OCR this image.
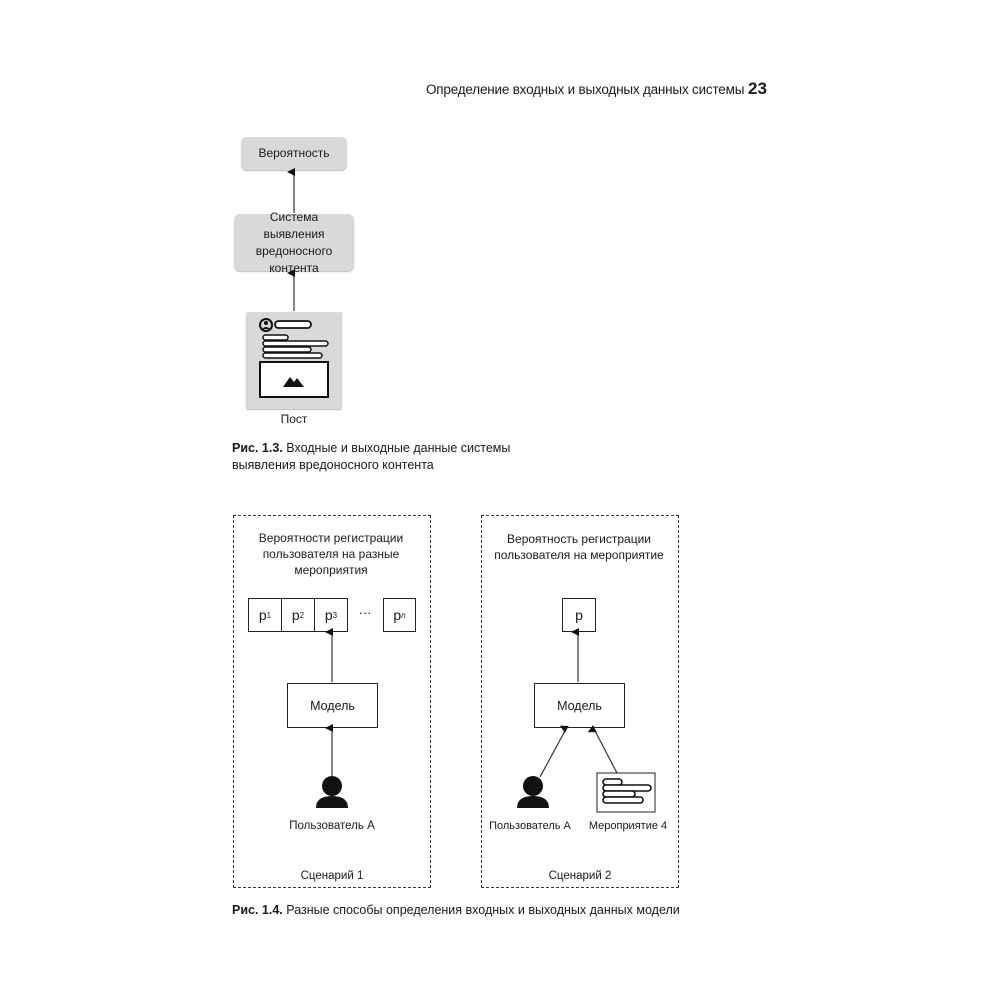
Определение входных и выходных данных системы 23
Вероятность
Система выявления вредоносного контента
Пост
Рис. 1.3. Входные и выходные данные системы выявления вредоносного контента
Вероятности регистрации пользователя на разные мероприятия
p 1 p 2 p 3	···	p n
Модель
Пользователь A
Сценарий 1
Вероятность регистрации пользователя на мероприятие
p
Модель
Пользователь A	Мероприятие 4
Сценарий 2
Рис. 1.4. Разные способы определения входных и выходных данных модели
